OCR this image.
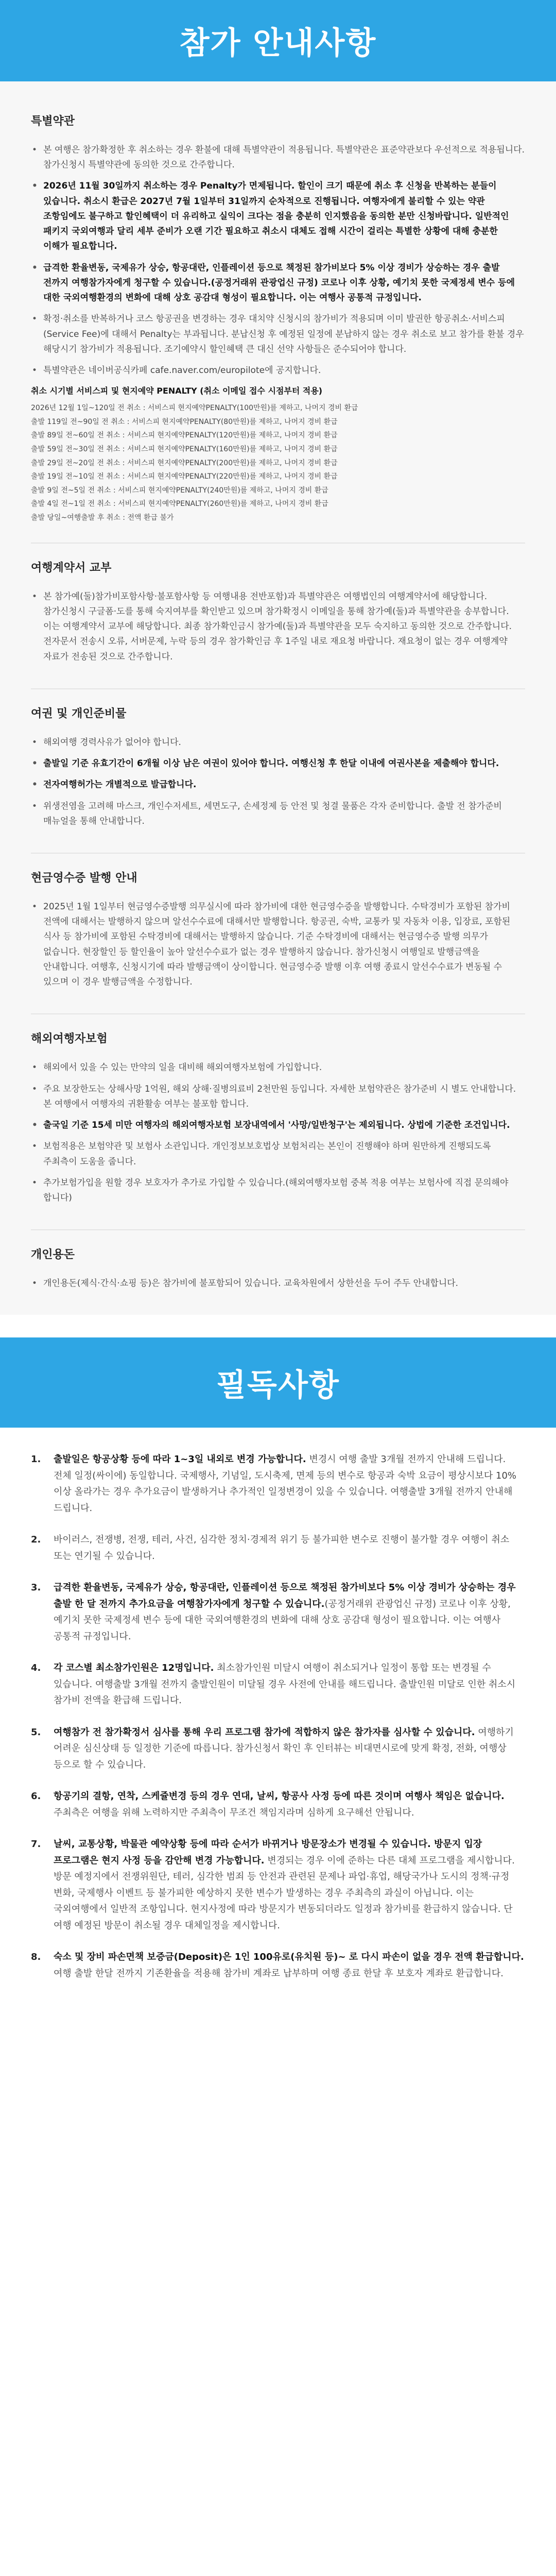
참가 안내사항
특별약관
• 본 여행은 참가확정한 후 취소하는 경우 환불에 대해 특별약관이 적용됩니다. 특별약관은 표준약관보다 우선적으로 적용됩니다. 참가신청시 특별약관에 동의한 것으로 간주합니다.
• 2026년 11월 30일까지 취소하는 경우 Penalty가 면제됩니다. 할인이 크기 때문에 취소 후 신청을 반복하는 분들이 있습니다. 취소시 환급은 2027년 7월 1일부터 31일까지 순차적으로 진행됩니다. 여행자에게 불리할 수 있는 약관 조항임에도 불구하고 할인혜택이 더 유리하고 실익이 크다는 점을 충분히 인지했음을 동의한 분만 신청바랍니다. 일반적인 패키지 국외여행과 달리 세부 준비가 오랜 기간 필요하고 취소시 대체도 접해 시간이 걸리는 특별한 상황에 대해 충분한 이해가 필요합니다.
• 급격한 환율변동, 국제유가 상승, 항공대란, 인플레이션 등으로 책정된 참가비보다 5% 이상 경비가 상승하는 경우 출발 전까지 여행참가자에게 청구할 수 있습니다.(공정거래위 관광업신 규정) 코로나 이후 상황, 예기치 못한 국제정세 변수 등에 대한 국외여행환경의 변화에 대해 상호 공감대 형성이 필요합니다. 이는 여행사 공통적 규정입니다.
• 확정·취소를 반복하거나 코스 항공권을 변경하는 경우 대치약 신청시의 참가비가 적용되며 이미 발권한 항공취소·서비스피(Service Fee)에 대해서 Penalty는 부과됩니다. 분납신청 후 예정된 일정에 분납하지 않는 경우 취소로 보고 참가를 환불 경우 해당시기 참가비가 적용됩니다. 조기예약시 할인혜택 큰 대신 선약 사항들은 준수되어야 합니다.
• 특별약관은 네이버공식카페 cafe.naver.com/europilote에 공지합니다.
취소 시기별 서비스피 및 현지예약 PENALTY (취소 이메일 접수 시점부터 적용)
2026년 12월 1일~120일 전 취소 : 서비스피 현지예약PENALTY(100만원)를 제하고, 나머지 경비 환급
출발 119일 전~90일 전 취소 : 서비스피 현지예약PENALTY(80만원)를 제하고, 나머지 경비 환급
출발 89일 전~60일 전 취소 : 서비스피 현지예약PENALTY(120만원)를 제하고, 나머지 경비 환급
출발 59일 전~30일 전 취소 : 서비스피 현지예약PENALTY(160만원)를 제하고, 나머지 경비 환급
출발 29일 전~20일 전 취소 : 서비스피 현지예약PENALTY(200만원)를 제하고, 나머지 경비 환급
출발 19일 전~10일 전 취소 : 서비스피 현지예약PENALTY(220만원)를 제하고, 나머지 경비 환급
출발 9일 전~5일 전 취소 : 서비스피 현지예약PENALTY(240만원)를 제하고, 나머지 경비 환급
출발 4일 전~1일 전 취소 : 서비스피 현지예약PENALTY(260만원)를 제하고, 나머지 경비 환급
출발 당일~여행출발 후 취소 : 전액 환급 불가
여행계약서 교부
• 본 참가예(둘)참가비포함사항·불포함사항 등 여행내용 전반포함)과 특별약관은 여행법인의 여행계약서에 해당합니다. 참가신청시 구글폼·도를 통해 숙지여부를 확인받고 있으며 참가확정시 이메일을 통해 참가예(둘)과 특별약관을 송부합니다. 이는 여행계약서 교부에 해당합니다. 최종 참가확인금시 참가예(둘)과 특별약관을 모두 숙지하고 동의한 것으로 간주합니다. 전자문서 전송시 오류, 서버문제, 누락 등의 경우 참가확인금 후 1주일 내로 재요청 바랍니다. 재요청이 없는 경우 여행계약 자료가 전송된 것으로 간주합니다.
여권 및 개인준비물
• 해외여행 경력사유가 없어야 합니다.
• 출발일 기준 유효기간이 6개월 이상 남은 여권이 있어야 합니다. 여행신청 후 한달 이내에 여권사본을 제출해야 합니다.
• 전자여행허가는 개별적으로 발급합니다.
• 위생전염을 고려해 마스크, 개인수저세트, 세면도구, 손세정제 등 안전 및 청결 물품은 각자 준비합니다. 출발 전 참가준비 매뉴얼을 통해 안내합니다.
현금영수증 발행 안내
• 2025년 1월 1일부터 현금영수증발행 의무실시에 따라 참가비에 대한 현금영수증을 발행합니다. 수탁경비가 포함된 참가비 전액에 대해서는 발행하지 않으며 알선수수료에 대해서만 발행합니다. 항공권, 숙박, 교통카 및 자동차 이용, 입장료, 포함된 식사 등 참가비에 포함된 수탁경비에 대해서는 발행하지 않습니다. 기준 수탁경비에 대해서는 현금영수증 발행 의무가 없습니다. 현장할인 등 할인율이 높아 알선수수료가 없는 경우 발행하지 않습니다. 참가신청시 여행일로 발행금액을 안내합니다. 여행후, 신청시기에 따라 발행금액이 상이합니다. 현금영수증 발행 이후 여행 종료시 알선수수료가 변동될 수 있으며 이 경우 발행금액을 수정합니다.
해외여행자보험
• 해외에서 있을 수 있는 만약의 일을 대비해 해외여행자보험에 가입합니다.
• 주요 보장한도는 상해사망 1억원, 해외 상해·질병의료비 2천만원 등입니다. 자세한 보험약관은 참가준비 시 별도 안내합니다. 본 여행에서 여행자의 귀환활송 여부는 불포함 합니다.
• 출국일 기준 15세 미만 여행자의 해외여행자보험 보장내역에서 '사망/일반청구'는 제외됩니다. 상법에 기준한 조건입니다.
• 보험적용은 보험약관 및 보험사 소관입니다. 개인정보보호법상 보험처리는 본인이 진행해야 하며 원만하게 진행되도록 주최측이 도움을 줍니다.
• 추가보험가입을 원할 경우 보호자가 추가로 가입할 수 있습니다.(해외여행자보험 중복 적용 여부는 보험사에 직접 문의해야 합니다)
개인용돈
• 개인용돈(제식·간식·쇼핑 등)은 참가비에 불포함되어 있습니다. 교육차원에서 상한선을 두어 주두 안내합니다.
필독사항
1.	출발일은 항공상황 등에 따라 1~3일 내외로 변경 가능합니다. 변경시 여행 출발 3개월 전까지 안내해 드립니다. 전체 일정(싸이에) 동일합니다. 국제행사, 기념일, 도시축제, 면제 등의 변수로 항공과 숙박 요금이 평상시보다 10% 이상 올라가는 경우 추가요금이 발생하거나 추가적인 일정변경이 있을 수 있습니다. 여행출발 3개월 전까지 안내해 드립니다.
2.	바이러스, 전쟁병, 전쟁, 테러, 사건, 심각한 정치·경제적 위기 등 불가피한 변수로 진행이 불가할 경우 여행이 취소 또는 연기될 수 있습니다.
3.	급격한 환율변동, 국제유가 상승, 항공대란, 인플레이션 등으로 책정된 참가비보다 5% 이상 경비가 상승하는 경우 출발 한 달 전까지 추가요금을 여행참가자에게 청구할 수 있습니다.(공정거래위 관광업신 규정) 코로나 이후 상황, 예기치 못한 국제정세 변수 등에 대한 국외여행환경의 변화에 대해 상호 공감대 형성이 필요합니다. 이는 여행사 공통적 규정입니다.
4.	각 코스별 최소참가인원은 12명입니다. 최소참가인원 미달시 여행이 취소되거나 일정이 통합 또는 변경될 수 있습니다. 여행출발 3개월 전까지 출발인원이 미달될 경우 사전에 안내를 해드립니다. 출발인원 미달로 인한 취소시 참가비 전액을 환급해 드립니다.
5.	여행참가 전 참가확정서 심사를 통해 우리 프로그램 참가에 적합하지 않은 참가자를 심사할 수 있습니다. 여행하기 어려운 심신상태 등 일정한 기준에 따릅니다. 참가신청서 확인 후 인터뷰는 비대면시로에 맞게 확정, 전화, 여행상 등으로 할 수 있습니다.
6.	항공기의 결항, 연착, 스케쥴변경 등의 경우 연대, 날씨, 항공사 사정 등에 따른 것이며 여행사 책임은 없습니다. 주최측은 여행을 위해 노력하지만 주최측이 무조건 책임지라며 심하게 요구해선 안됩니다.
7.	날씨, 교통상황, 박물관 예약상황 등에 따라 순서가 바뀌거나 방문장소가 변경될 수 있습니다. 방문지 입장 프로그램은 현지 사정 등을 감안해 변경 가능합니다. 변경되는 경우 이에 준하는 다른 대체 프로그램을 제시합니다. 방문 예정지에서 전쟁위원단, 테러, 심각한 범죄 등 안전과 관련된 문제나 파업·휴업, 해당국가나 도시의 정책·규정 변화, 국제행사 이벤트 등 불가피한 예상하지 못한 변수가 발생하는 경우 주최측의 과실이 아닙니다. 이는 국외여행에서 일반적 조항입니다. 현지사정에 따라 방문지가 변동되더라도 일정과 참가비를 환급하지 않습니다. 단 여행 예정된 방문이 취소될 경우 대체일정을 제시합니다.
8.	숙소 및 장비 파손면책 보증금(Deposit)은 1인 100유로(유치원 등)~ 로 다시 파손이 없을 경우 전액 환급합니다. 여행 출발 한달 전까지 기존환율을 적용해 참가비 계좌로 납부하며 여행 종료 한달 후 보호자 계좌로 환급합니다.
